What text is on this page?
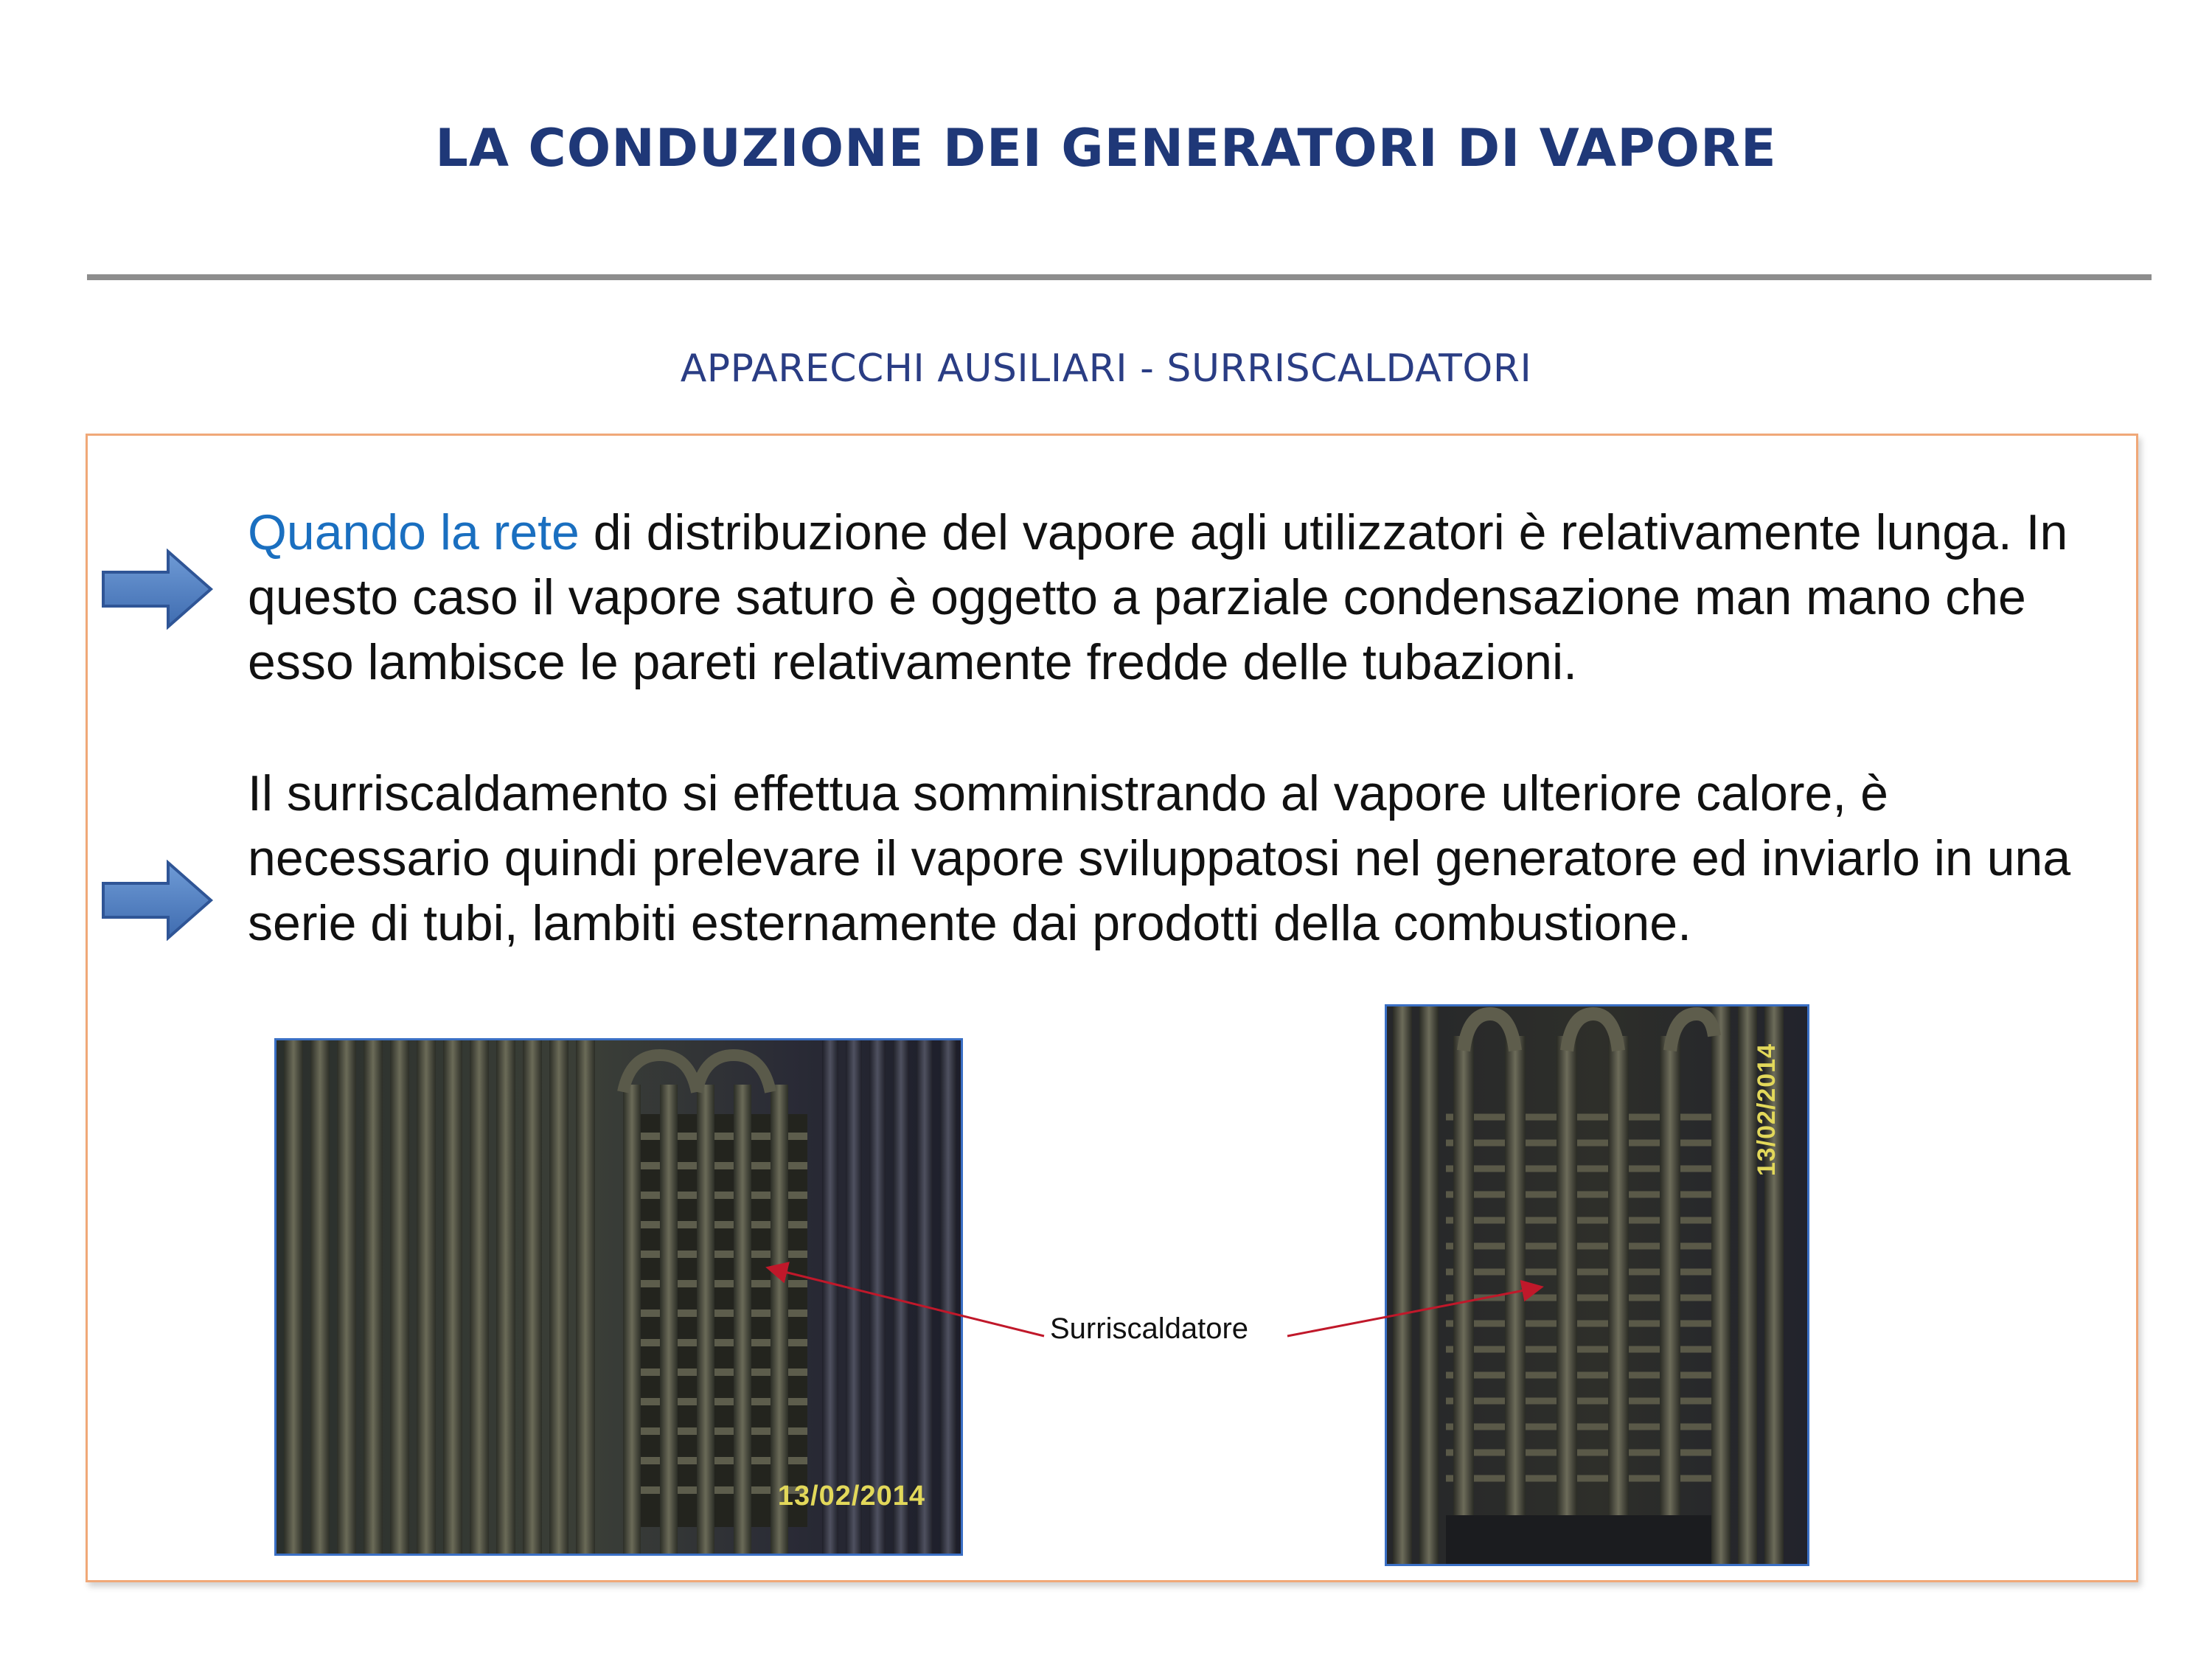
LA CONDUZIONE DEI GENERATORI DI VAPORE
APPARECCHI AUSILIARI - SURRISCALDATORI
Quando la rete di distribuzione del vapore agli utilizzatori è relativamente lunga. In questo caso il vapore saturo è oggetto a parziale condensazione man mano che esso lambisce le pareti relativamente fredde delle tubazioni.
Il surriscaldamento si effettua somministrando al vapore ulteriore calore, è necessario quindi prelevare il vapore sviluppatosi nel generatore ed inviarlo in una serie di tubi, lambiti esternamente dai prodotti della combustione.
13/02/2014
13/02/2014
Surriscaldatore
